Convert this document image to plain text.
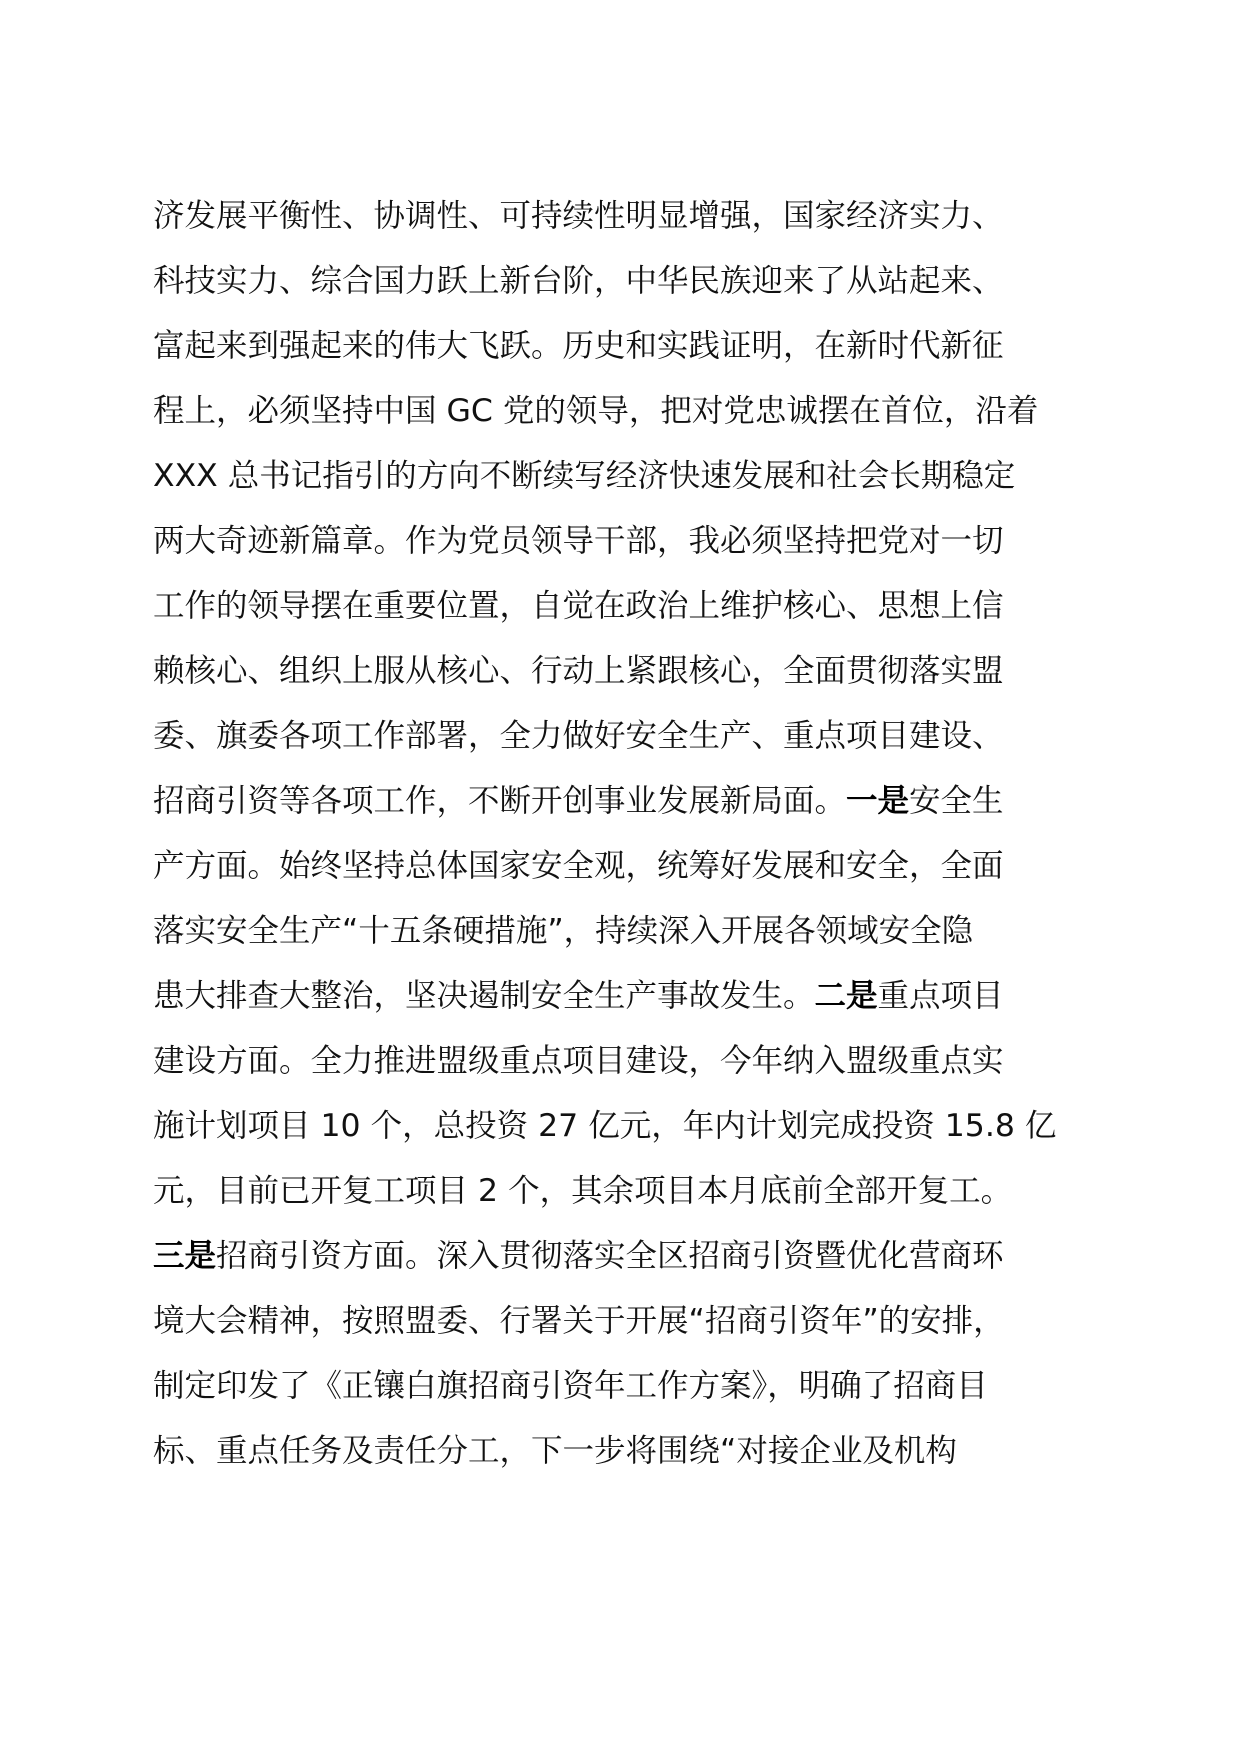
济发展平衡性、协调性、可持续性明显增强，国家经济实力、
科技实力、综合国力跃上新台阶，中华民族迎来了从站起来、
富起来到强起来的伟大飞跃。历史和实践证明，在新时代新征
程上，必须坚持中国 GC 党的领导，把对党忠诚摆在首位，沿着
XXX 总书记指引的方向不断续写经济快速发展和社会长期稳定
两大奇迹新篇章。作为党员领导干部，我必须坚持把党对一切
工作的领导摆在重要位置，自觉在政治上维护核心、思想上信
赖核心、组织上服从核心、行动上紧跟核心，全面贯彻落实盟
委、旗委各项工作部署，全力做好安全生产、重点项目建设、
招商引资等各项工作，不断开创事业发展新局面。一是安全生
产方面。始终坚持总体国家安全观，统筹好发展和安全，全面
落实安全生产“十五条硬措施”，持续深入开展各领域安全隐
患大排查大整治，坚决遏制安全生产事故发生。二是重点项目
建设方面。全力推进盟级重点项目建设，今年纳入盟级重点实
施计划项目 10 个，总投资 27 亿元，年内计划完成投资 15.8 亿
元，目前已开复工项目 2 个，其余项目本月底前全部开复工。
三是招商引资方面。深入贯彻落实全区招商引资暨优化营商环
境大会精神，按照盟委、行署关于开展“招商引资年”的安排，
制定印发了《正镶白旗招商引资年工作方案》，明确了招商目
标、重点任务及责任分工，下一步将围绕“对接企业及机构
